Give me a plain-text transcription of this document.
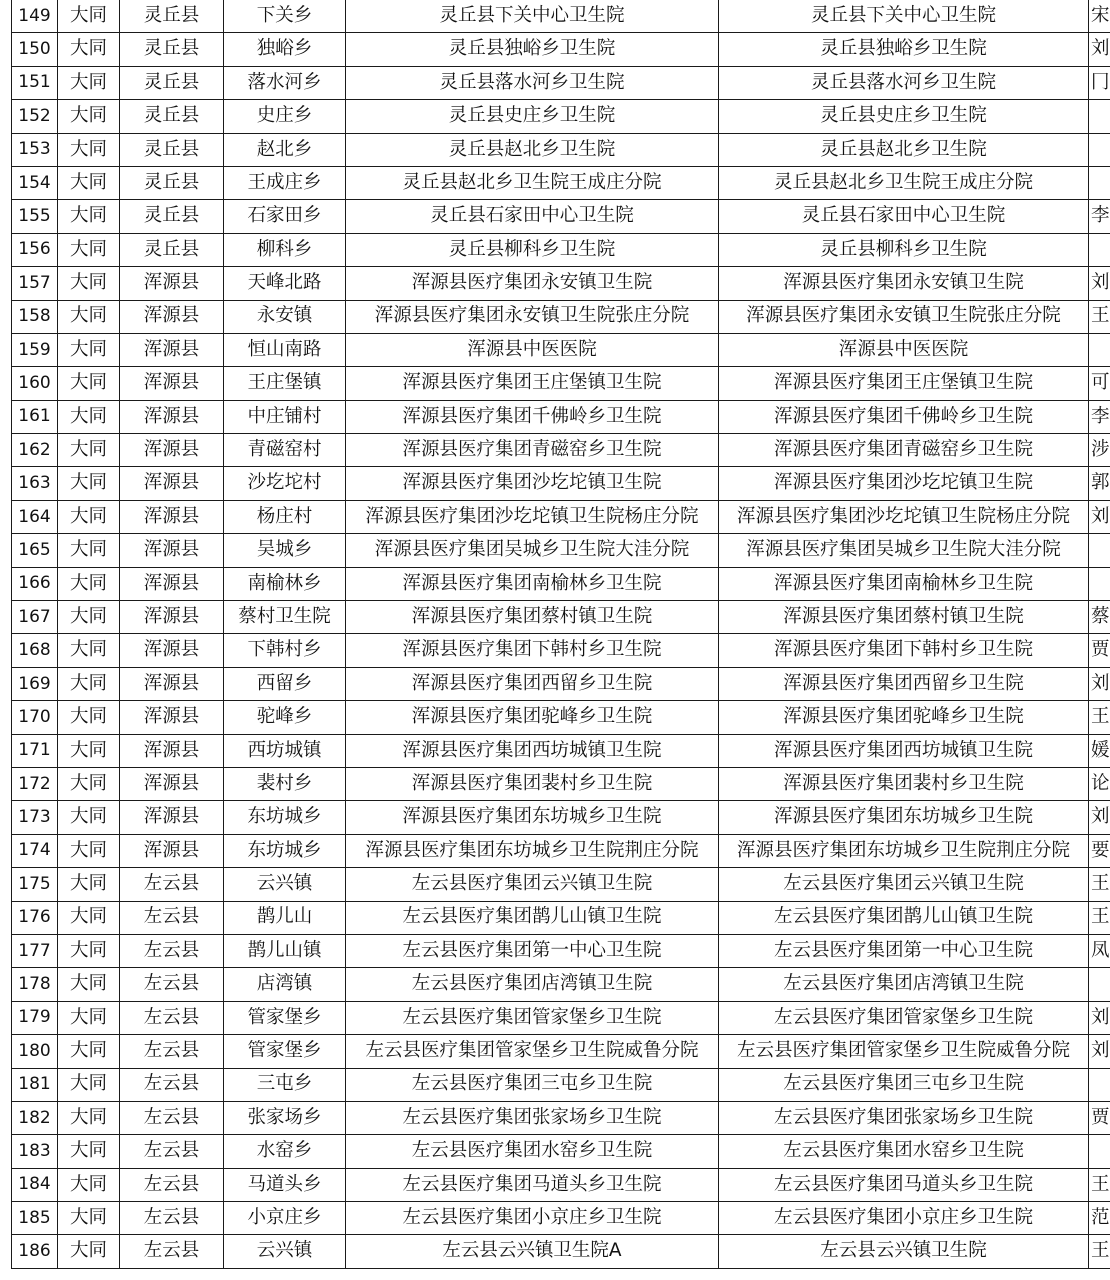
149	大同	灵丘县	下关乡	灵丘县下关中心卫生院	灵丘县下关中心卫生院	宋
150	大同	灵丘县	独峪乡	灵丘县独峪乡卫生院	灵丘县独峪乡卫生院	刘
151	大同	灵丘县	落水河乡	灵丘县落水河乡卫生院	灵丘县落水河乡卫生院	冂
152	大同	灵丘县	史庄乡	灵丘县史庄乡卫生院	灵丘县史庄乡卫生院	
153	大同	灵丘县	赵北乡	灵丘县赵北乡卫生院	灵丘县赵北乡卫生院	
154	大同	灵丘县	王成庄乡	灵丘县赵北乡卫生院王成庄分院	灵丘县赵北乡卫生院王成庄分院	
155	大同	灵丘县	石家田乡	灵丘县石家田中心卫生院	灵丘县石家田中心卫生院	李
156	大同	灵丘县	柳科乡	灵丘县柳科乡卫生院	灵丘县柳科乡卫生院	
157	大同	浑源县	天峰北路	浑源县医疗集团永安镇卫生院	浑源县医疗集团永安镇卫生院	刘
158	大同	浑源县	永安镇	浑源县医疗集团永安镇卫生院张庄分院	浑源县医疗集团永安镇卫生院张庄分院	王
159	大同	浑源县	恒山南路	浑源县中医医院	浑源县中医医院	
160	大同	浑源县	王庄堡镇	浑源县医疗集团王庄堡镇卫生院	浑源县医疗集团王庄堡镇卫生院	可
161	大同	浑源县	中庄铺村	浑源县医疗集团千佛岭乡卫生院	浑源县医疗集团千佛岭乡卫生院	李
162	大同	浑源县	青磁窑村	浑源县医疗集团青磁窑乡卫生院	浑源县医疗集团青磁窑乡卫生院	涉
163	大同	浑源县	沙圪坨村	浑源县医疗集团沙圪坨镇卫生院	浑源县医疗集团沙圪坨镇卫生院	郭
164	大同	浑源县	杨庄村	浑源县医疗集团沙圪坨镇卫生院杨庄分院	浑源县医疗集团沙圪坨镇卫生院杨庄分院	刘
165	大同	浑源县	吴城乡	浑源县医疗集团吴城乡卫生院大洼分院	浑源县医疗集团吴城乡卫生院大洼分院	
166	大同	浑源县	南榆林乡	浑源县医疗集团南榆林乡卫生院	浑源县医疗集团南榆林乡卫生院	
167	大同	浑源县	蔡村卫生院	浑源县医疗集团蔡村镇卫生院	浑源县医疗集团蔡村镇卫生院	蔡
168	大同	浑源县	下韩村乡	浑源县医疗集团下韩村乡卫生院	浑源县医疗集团下韩村乡卫生院	贾
169	大同	浑源县	西留乡	浑源县医疗集团西留乡卫生院	浑源县医疗集团西留乡卫生院	刘
170	大同	浑源县	驼峰乡	浑源县医疗集团驼峰乡卫生院	浑源县医疗集团驼峰乡卫生院	王
171	大同	浑源县	西坊城镇	浑源县医疗集团西坊城镇卫生院	浑源县医疗集团西坊城镇卫生院	媛
172	大同	浑源县	裴村乡	浑源县医疗集团裴村乡卫生院	浑源县医疗集团裴村乡卫生院	论
173	大同	浑源县	东坊城乡	浑源县医疗集团东坊城乡卫生院	浑源县医疗集团东坊城乡卫生院	刘
174	大同	浑源县	东坊城乡	浑源县医疗集团东坊城乡卫生院荆庄分院	浑源县医疗集团东坊城乡卫生院荆庄分院	要
175	大同	左云县	云兴镇	左云县医疗集团云兴镇卫生院	左云县医疗集团云兴镇卫生院	王
176	大同	左云县	鹊儿山	左云县医疗集团鹊儿山镇卫生院	左云县医疗集团鹊儿山镇卫生院	王
177	大同	左云县	鹊儿山镇	左云县医疗集团第一中心卫生院	左云县医疗集团第一中心卫生院	凤
178	大同	左云县	店湾镇	左云县医疗集团店湾镇卫生院	左云县医疗集团店湾镇卫生院	
179	大同	左云县	管家堡乡	左云县医疗集团管家堡乡卫生院	左云县医疗集团管家堡乡卫生院	刘
180	大同	左云县	管家堡乡	左云县医疗集团管家堡乡卫生院威鲁分院	左云县医疗集团管家堡乡卫生院威鲁分院	刘
181	大同	左云县	三屯乡	左云县医疗集团三屯乡卫生院	左云县医疗集团三屯乡卫生院	
182	大同	左云县	张家场乡	左云县医疗集团张家场乡卫生院	左云县医疗集团张家场乡卫生院	贾
183	大同	左云县	水窑乡	左云县医疗集团水窑乡卫生院	左云县医疗集团水窑乡卫生院	
184	大同	左云县	马道头乡	左云县医疗集团马道头乡卫生院	左云县医疗集团马道头乡卫生院	王
185	大同	左云县	小京庄乡	左云县医疗集团小京庄乡卫生院	左云县医疗集团小京庄乡卫生院	范
186	大同	左云县	云兴镇	左云县云兴镇卫生院A	左云县云兴镇卫生院	王
